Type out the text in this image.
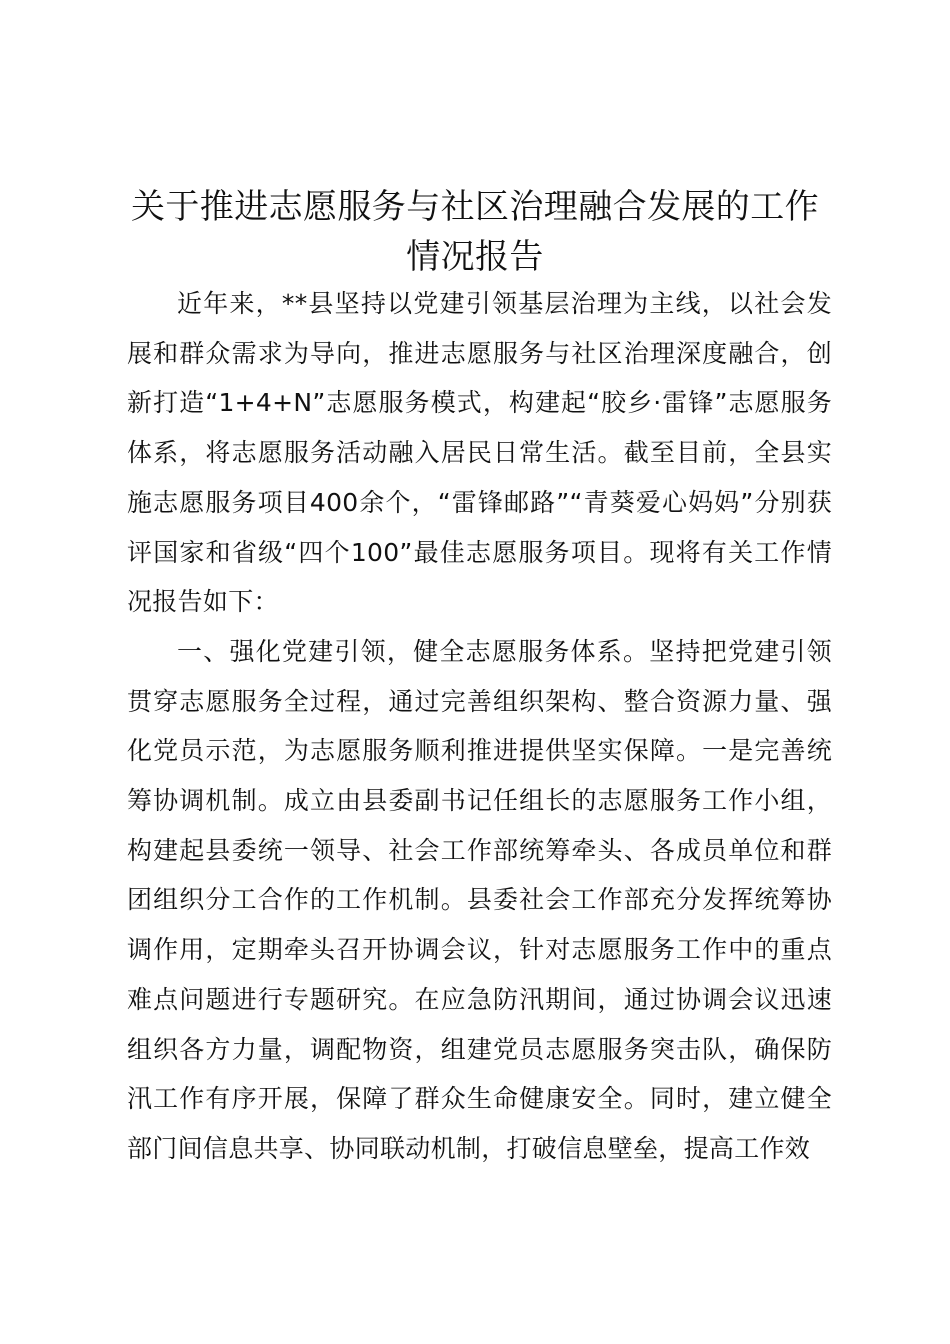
关于推进志愿服务与社区治理融合发展的工作
情况报告

近年来，**县坚持以党建引领基层治理为主线，以社会发展和群众需求为导向，推进志愿服务与社区治理深度融合，创新打造“1+4+N”志愿服务模式，构建起“胶乡·雷锋”志愿服务体系，将志愿服务活动融入居民日常生活。截至目前，全县实施志愿服务项目400余个，“雷锋邮路”“青葵爱心妈妈”分别获评国家和省级“四个100”最佳志愿服务项目。现将有关工作情况报告如下：

一、强化党建引领，健全志愿服务体系。坚持把党建引领贯穿志愿服务全过程，通过完善组织架构、整合资源力量、强化党员示范，为志愿服务顺利推进提供坚实保障。一是完善统筹协调机制。成立由县委副书记任组长的志愿服务工作小组，构建起县委统一领导、社会工作部统筹牵头、各成员单位和群团组织分工合作的工作机制。县委社会工作部充分发挥统筹协调作用，定期牵头召开协调会议，针对志愿服务工作中的重点难点问题进行专题研究。在应急防汛期间，通过协调会议迅速组织各方力量，调配物资，组建党员志愿服务突击队，确保防汛工作有序开展，保障了群众生命健康安全。同时，建立健全部门间信息共享、协同联动机制，打破信息壁垒，提高工作效
